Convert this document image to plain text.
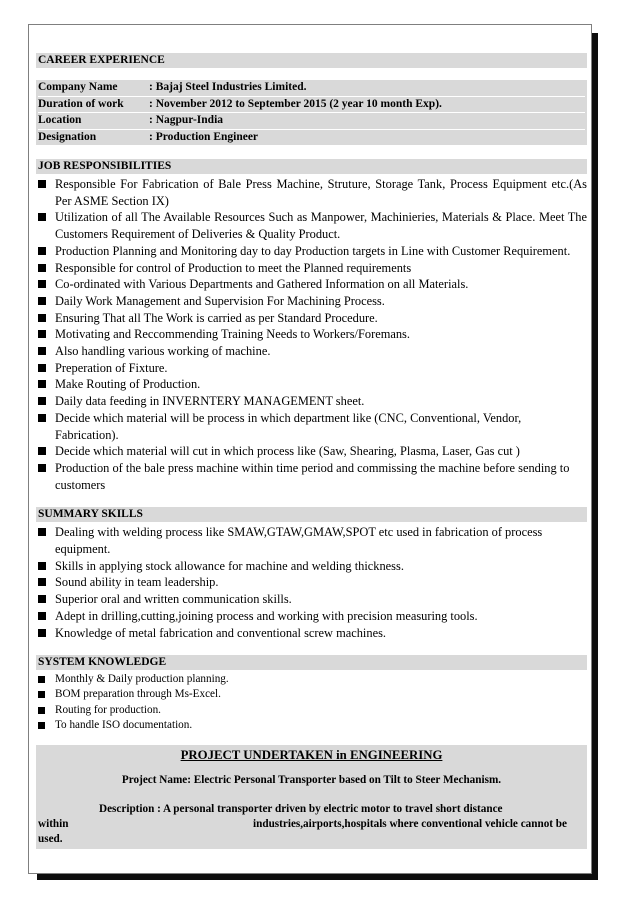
CAREER EXPERIENCE
Company Name	: Bajaj Steel Industries Limited.
Duration of work	: November 2012 to September 2015 (2 year 10 month Exp).
Location	: Nagpur-India
Designation	: Production Engineer
JOB RESPONSIBILITIES
Responsible For Fabrication of Bale Press Machine, Struture, Storage Tank, Process Equipment etc.(As Per ASME Section IX)
Utilization of all The Available Resources Such as Manpower, Machinieries, Materials & Place. Meet The Customers Requirement of Deliveries & Quality Product.
Production Planning and Monitoring day to day Production targets in Line with Customer Requirement.
Responsible for control of Production to meet the Planned requirements
Co-ordinated with Various Departments and Gathered Information on all Materials.
Daily Work Management and Supervision For Machining Process.
Ensuring That all The Work is carried as per Standard Procedure.
Motivating and Reccommending Training Needs to Workers/Foremans.
Also handling various working of machine.
Preperation of Fixture.
Make Routing of Production.
Daily data feeding in INVERNTERY MANAGEMENT sheet.
Decide which material will be process in which department like (CNC, Conventional, Vendor, Fabrication).
Decide which material will cut in which process like (Saw, Shearing, Plasma, Laser, Gas cut )
Production of the bale press machine within time period and commissing the machine before sending to customers
SUMMARY SKILLS
Dealing with welding process like SMAW,GTAW,GMAW,SPOT etc used in fabrication of process equipment.
Skills in applying stock allowance for machine and welding thickness.
Sound ability in team leadership.
Superior oral and written communication skills.
Adept in drilling,cutting,joining process and working with precision measuring tools.
Knowledge of metal fabrication and conventional screw machines.
SYSTEM KNOWLEDGE
Monthly & Daily production planning.
BOM preparation through Ms-Excel.
Routing for production.
To handle ISO documentation.
PROJECT UNDERTAKEN in ENGINEERING
Project Name: Electric Personal Transporter based on Tilt to Steer Mechanism.
Description : A personal transporter driven by electric motor to travel short distance
within	industries,airports,hospitals where conventional vehicle cannot be
used.
